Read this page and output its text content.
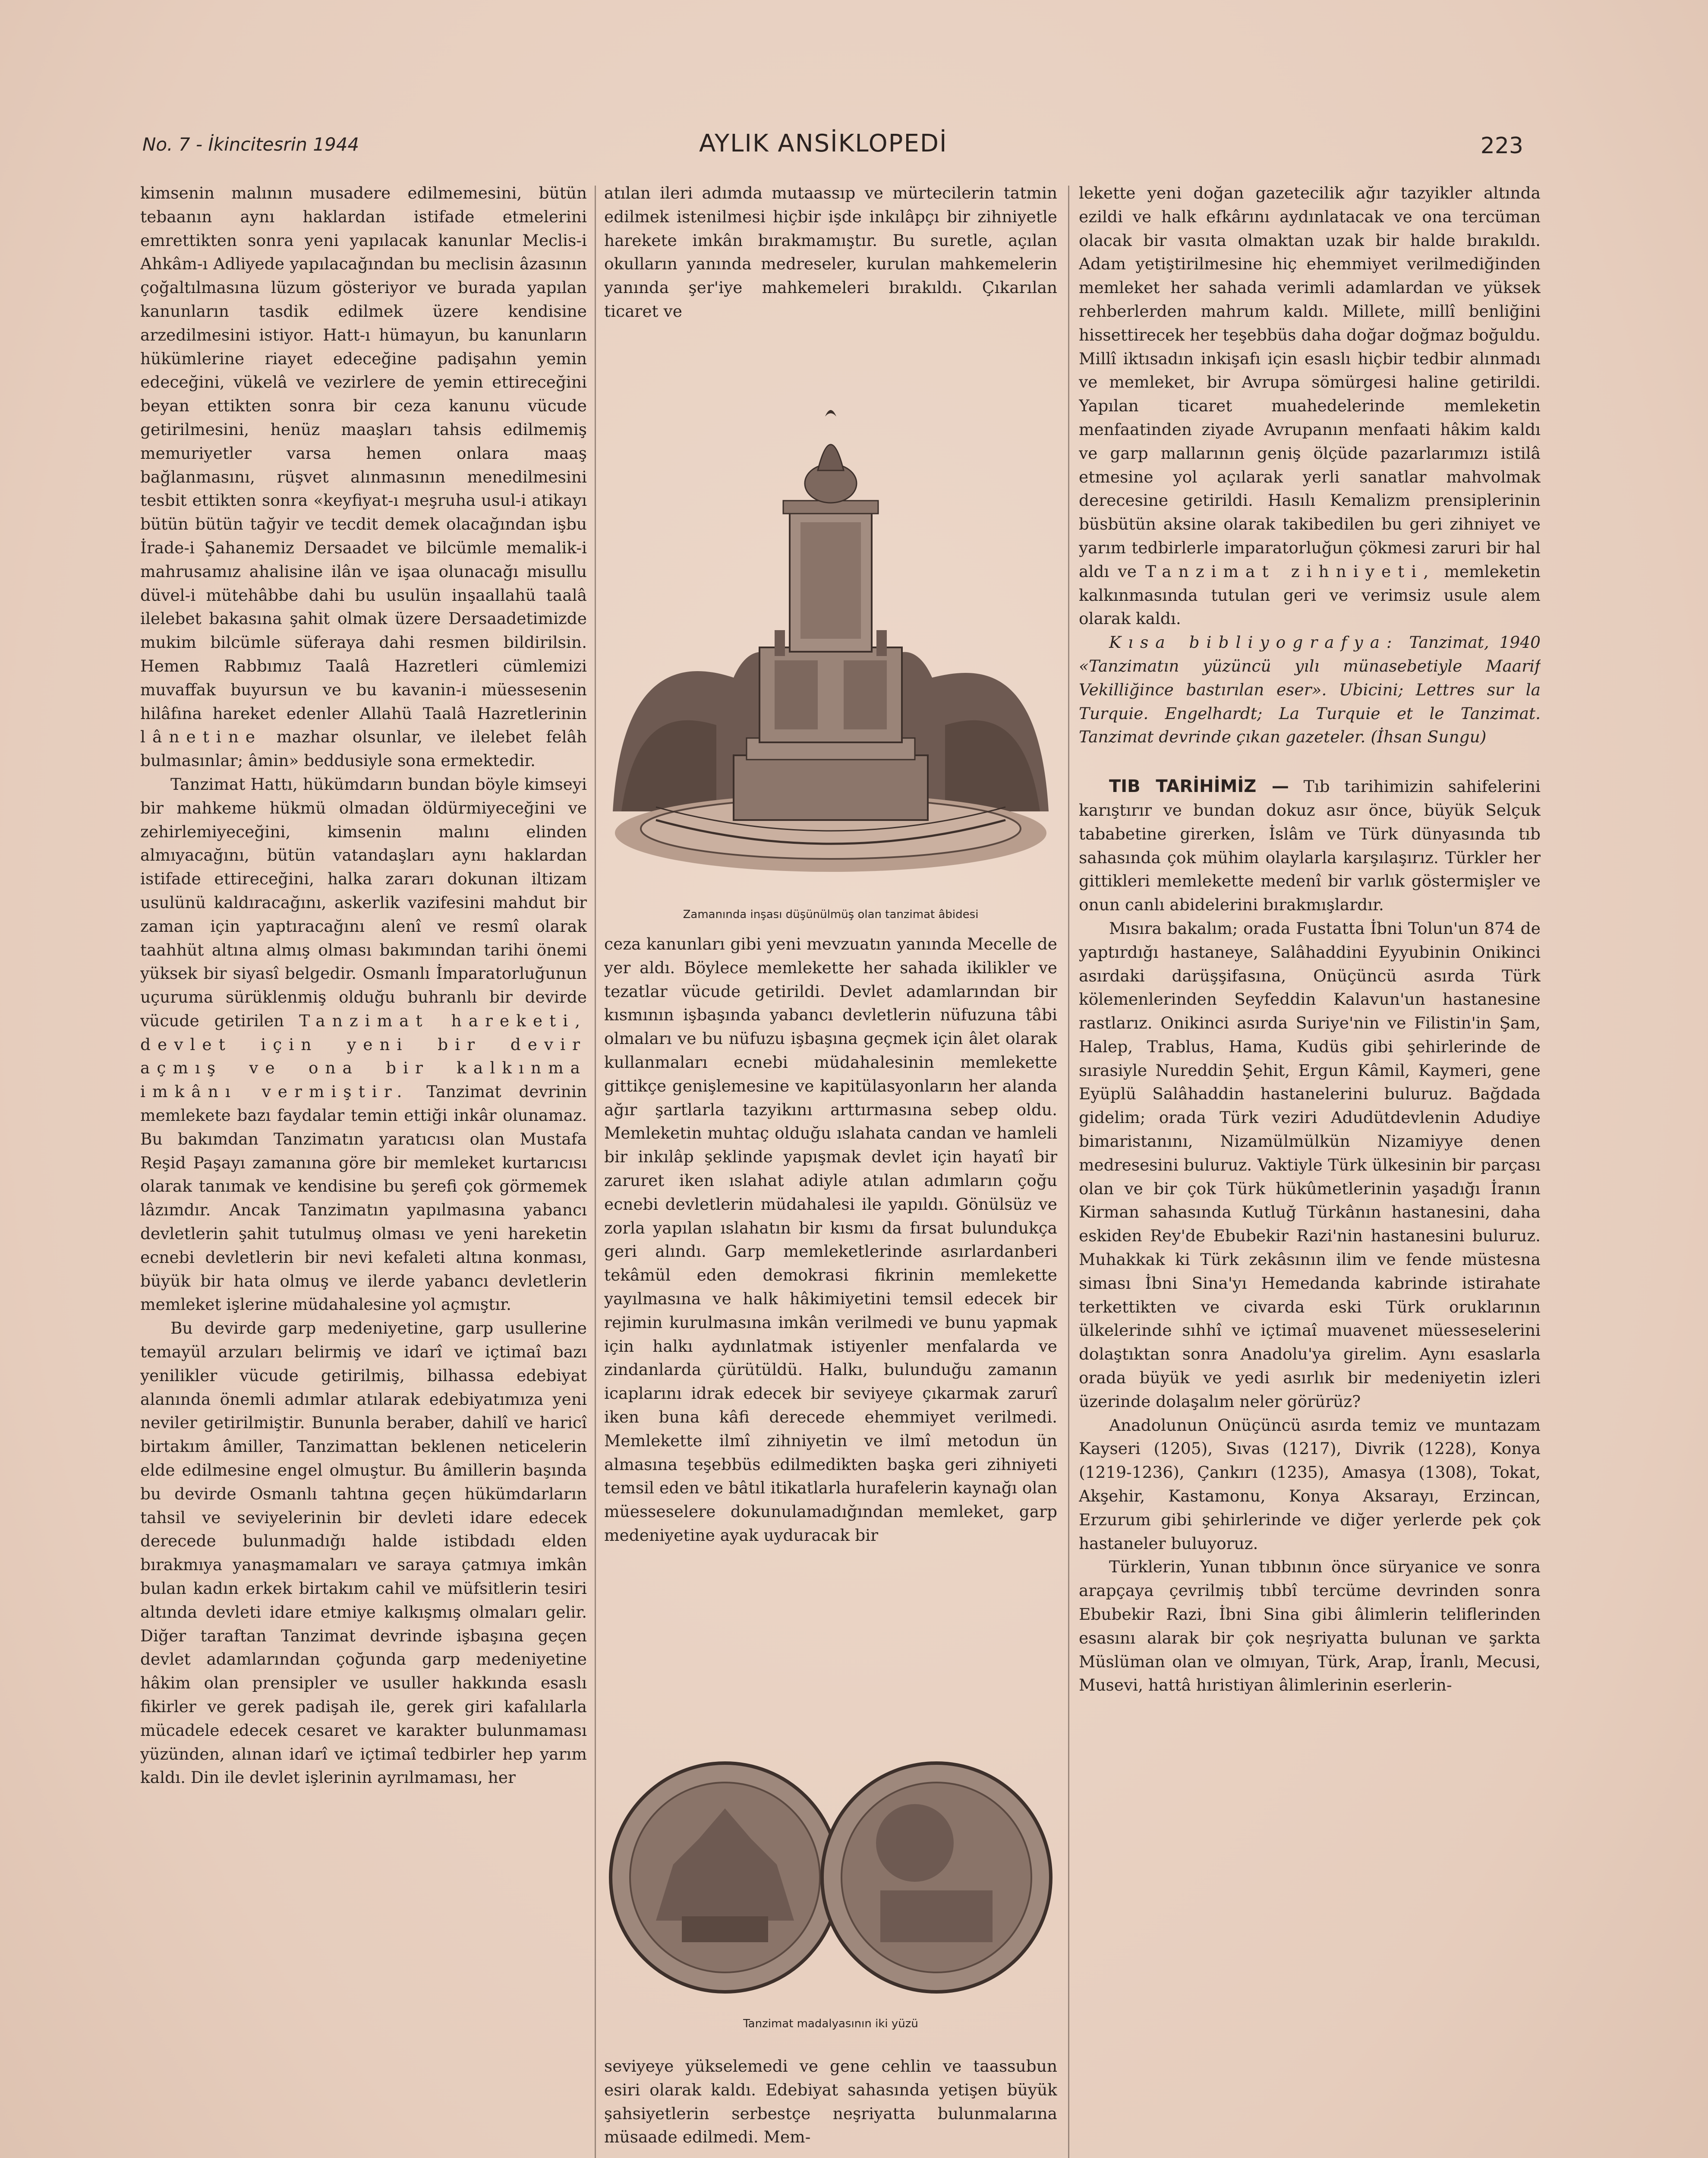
No. 7 - İkincitesrin 1944	AYLIK ANSİKLOPEDİ	223

kimsenin malının musadere edilmemesini, bütün tebaanın aynı haklardan istifade etmelerini emrettikten sonra yeni yapılacak kanunlar Meclis-i Ahkâm-ı Adliyede yapılacağından bu meclisin âzasının çoğaltılmasına lüzum gösteriyor ve burada yapılan kanunların tasdik edilmek üzere kendisine arzedilmesini istiyor. Hatt-ı hümayun, bu kanunların hükümlerine riayet edeceğine padişahın yemin edeceğini, vükelâ ve vezirlere de yemin ettireceğini beyan ettikten sonra bir ceza kanunu vücude getirilmesini, henüz maaşları tahsis edilmemiş memuriyetler varsa hemen onlara maaş bağlanmasını, rüşvet alınmasının menedilmesini tesbit ettikten sonra «keyfiyat-ı meşruha usul-i atikayı bütün bütün tağyir ve tecdit demek olacağından işbu İrade-i Şahanemiz Dersaadet ve bilcümle memalik-i mahrusamız ahalisine ilân ve işaa olunacağı misullu düvel-i mütehâbbe dahi bu usulün inşaallahü taalâ ilelebet bakasına şahit olmak üzere Dersaadetimizde mukim bilcümle süferaya dahi resmen bildirilsin. Hemen Rabbımız Taalâ Hazretleri cümlemizi muvaffak buyursun ve bu kavanin-i müessesenin hilâfına hareket edenler Allahü Taalâ Hazretlerinin lânetine mazhar olsunlar, ve ilelebet felâh bulmasınlar; âmin» beddusiyle sona ermektedir.

Tanzimat Hattı, hükümdarın bundan böyle kimseyi bir mahkeme hükmü olmadan öldürmiyeceğini ve zehirlemiyeceğini, kimsenin malını elinden almıyacağını, bütün vatandaşları aynı haklardan istifade ettireceğini, halka zararı dokunan iltizam usulünü kaldıracağını, askerlik vazifesini mahdut bir zaman için yaptıracağını alenî ve resmî olarak taahhüt altına almış olması bakımından tarihi önemi yüksek bir siyasî belgedir. Osmanlı İmparatorluğunun uçuruma sürüklenmiş olduğu buhranlı bir devirde vücude getirilen Tanzimat hareketi, devlet için yeni bir devir açmış ve ona bir kalkınma imkânı vermiştir. Tanzimat devrinin memlekete bazı faydalar temin ettiği inkâr olunamaz. Bu bakımdan Tanzimatın yaratıcısı olan Mustafa Reşid Paşayı zamanına göre bir memleket kurtarıcısı olarak tanımak ve kendisine bu şerefi çok görmemek lâzımdır. Ancak Tanzimatın yapılmasına yabancı devletlerin şahit tutulmuş olması ve yeni hareketin ecnebi devletlerin bir nevi kefaleti altına konması, büyük bir hata olmuş ve ilerde yabancı devletlerin memleket işlerine müdahalesine yol açmıştır.

Bu devirde garp medeniyetine, garp usullerine temayül arzuları belirmiş ve idarî ve içtimaî bazı yenilikler vücude getirilmiş, bilhassa edebiyat alanında önemli adımlar atılarak edebiyatımıza yeni neviler getirilmiştir. Bununla beraber, dahilî ve haricî birtakım âmiller, Tanzimattan beklenen neticelerin elde edilmesine engel olmuştur. Bu âmillerin başında bu devirde Osmanlı tahtına geçen hükümdarların tahsil ve seviyelerinin bir devleti idare edecek derecede bulunmadığı halde istibdadı elden bırakmıya yanaşmamaları ve saraya çatmıya imkân bulan kadın erkek birtakım cahil ve müfsitlerin tesiri altında devleti idare etmiye kalkışmış olmaları gelir. Diğer taraftan Tanzimat devrinde işbaşına geçen devlet adamlarından çoğunda garp medeniyetine hâkim olan prensipler ve usuller hakkında esaslı fikirler ve gerek padişah ile, gerek giri kafalılarla mücadele edecek cesaret ve karakter bulunmaması yüzünden, alınan idarî ve içtimaî tedbirler hep yarım kaldı. Din ile devlet işlerinin ayrılmaması, her

atılan ileri adımda mutaassıp ve mürtecilerin tatmin edilmek istenilmesi hiçbir işde inkılâpçı bir zihniyetle harekete imkân bırakmamıştır. Bu suretle, açılan okulların yanında medreseler, kurulan mahkemelerin yanında şer'iye mahkemeleri bırakıldı. Çıkarılan ticaret ve

Zamanında inşası düşünülmüş olan tanzimat âbidesi

ceza kanunları gibi yeni mevzuatın yanında Mecelle de yer aldı. Böylece memlekette her sahada ikilikler ve tezatlar vücude getirildi. Devlet adamlarından bir kısmının işbaşında yabancı devletlerin nüfuzuna tâbi olmaları ve bu nüfuzu işbaşına geçmek için âlet olarak kullanmaları ecnebi müdahalesinin memlekette gittikçe genişlemesine ve kapitülasyonların her alanda ağır şartlarla tazyikını arttırmasına sebep oldu. Memleketin muhtaç olduğu ıslahata candan ve hamleli bir inkılâp şeklinde yapışmak devlet için hayatî bir zaruret iken ıslahat adiyle atılan adımların çoğu ecnebi devletlerin müdahalesi ile yapıldı. Gönülsüz ve zorla yapılan ıslahatın bir kısmı da fırsat bulundukça geri alındı. Garp memleketlerinde asırlardanberi tekâmül eden demokrasi fikrinin memlekette yayılmasına ve halk hâkimiyetini temsil edecek bir rejimin kurulmasına imkân verilmedi ve bunu yapmak için halkı aydınlatmak istiyenler menfalarda ve zindanlarda çürütüldü. Halkı, bulunduğu zamanın icaplarını idrak edecek bir seviyeye çıkarmak zarurî iken buna kâfi derecede ehemmiyet verilmedi. Memlekette ilmî zihniyetin ve ilmî metodun ün almasına teşebbüs edilmedikten başka geri zihniyeti temsil eden ve bâtıl itikatlarla hurafelerin kaynağı olan müesseselere dokunulamadığından memleket, garp medeniyetine ayak uyduracak bir

Tanzimat madalyasının iki yüzü

seviyeye yükselemedi ve gene cehlin ve taassubun esiri olarak kaldı. Edebiyat sahasında yetişen büyük şahsiyetlerin serbestçe neşriyatta bulunmalarına müsaade edilmedi. Mem-

lekette yeni doğan gazetecilik ağır tazyikler altında ezildi ve halk efkârını aydınlatacak ve ona tercüman olacak bir vasıta olmaktan uzak bir halde bırakıldı. Adam yetiştirilmesine hiç ehemmiyet verilmediğinden memleket her sahada verimli adamlardan ve yüksek rehberlerden mahrum kaldı. Millete, millî benliğini hissettirecek her teşebbüs daha doğar doğmaz boğuldu. Millî iktısadın inkişafı için esaslı hiçbir tedbir alınmadı ve memleket, bir Avrupa sömürgesi haline getirildi. Yapılan ticaret muahedelerinde memleketin menfaatinden ziyade Avrupanın menfaati hâkim kaldı ve garp mallarının geniş ölçüde pazarlarımızı istilâ etmesine yol açılarak yerli sanatlar mahvolmak derecesine getirildi. Hasılı Kemalizm prensiplerinin büsbütün aksine olarak takibedilen bu geri zihniyet ve yarım tedbirlerle imparatorluğun çökmesi zaruri bir hal aldı ve Tanzimat zihniyeti, memleketin kalkınmasında tutulan geri ve verimsiz usule alem olarak kaldı.

Kısa bibliyografya: Tanzimat, 1940 «Tanzimatın yüzüncü yılı münasebetiyle Maarif Vekilliğince bastırılan eser». Ubicini; Lettres sur la Turquie. Engelhardt; La Turquie et le Tanzimat. Tanzimat devrinde çıkan gazeteler. (İhsan Sungu)

TIB TARİHİMİZ — Tıb tarihimizin sahifelerini karıştırır ve bundan dokuz asır önce, büyük Selçuk tababetine girerken, İslâm ve Türk dünyasında tıb sahasında çok mühim olaylarla karşılaşırız. Türkler her gittikleri memlekette medenî bir varlık göstermişler ve onun canlı abidelerini bırakmışlardır.

Mısıra bakalım; orada Fustatta İbni Tolun'un 874 de yaptırdığı hastaneye, Salâhaddini Eyyubinin Onikinci asırdaki darüşşifasına, Onüçüncü asırda Türk kölemenlerinden Seyfeddin Kalavun'un hastanesine rastlarız. Onikinci asırda Suriye'nin ve Filistin'in Şam, Halep, Trablus, Hama, Kudüs gibi şehirlerinde de sırasiyle Nureddin Şehit, Ergun Kâmil, Kaymeri, gene Eyüplü Salâhaddin hastanelerini buluruz. Bağdada gidelim; orada Türk veziri Adudütdevlenin Adudiye bimaristanını, Nizamülmülkün Nizamiyye denen medresesini buluruz. Vaktiyle Türk ülkesinin bir parçası olan ve bir çok Türk hükûmetlerinin yaşadığı İranın Kirman sahasında Kutluğ Türkânın hastanesini, daha eskiden Rey'de Ebubekir Razi'nin hastanesini buluruz. Muhakkak ki Türk zekâsının ilim ve fende müstesna siması İbni Sina'yı Hemedanda kabrinde istirahate terkettikten ve civarda eski Türk oruklarının ülkelerinde sıhhî ve içtimaî muavenet müesseselerini dolaştıktan sonra Anadolu'ya girelim. Aynı esaslarla orada büyük ve yedi asırlık bir medeniyetin izleri üzerinde dolaşalım neler görürüz?

Anadolunun Onüçüncü asırda temiz ve muntazam Kayseri (1205), Sıvas (1217), Divrik (1228), Konya (1219-1236), Çankırı (1235), Amasya (1308), Tokat, Akşehir, Kastamonu, Konya Aksarayı, Erzincan, Erzurum gibi şehirlerinde ve diğer yerlerde pek çok hastaneler buluyoruz.

Türklerin, Yunan tıbbının önce süryanice ve sonra arapçaya çevrilmiş tıbbî tercüme devrinden sonra Ebubekir Razi, İbni Sina gibi âlimlerin teliflerinden esasını alarak bir çok neşriyatta bulunan ve şarkta Müslüman olan ve olmıyan, Türk, Arap, İranlı, Mecusi, Musevi, hattâ hıristiyan âlimlerinin eserlerin-
